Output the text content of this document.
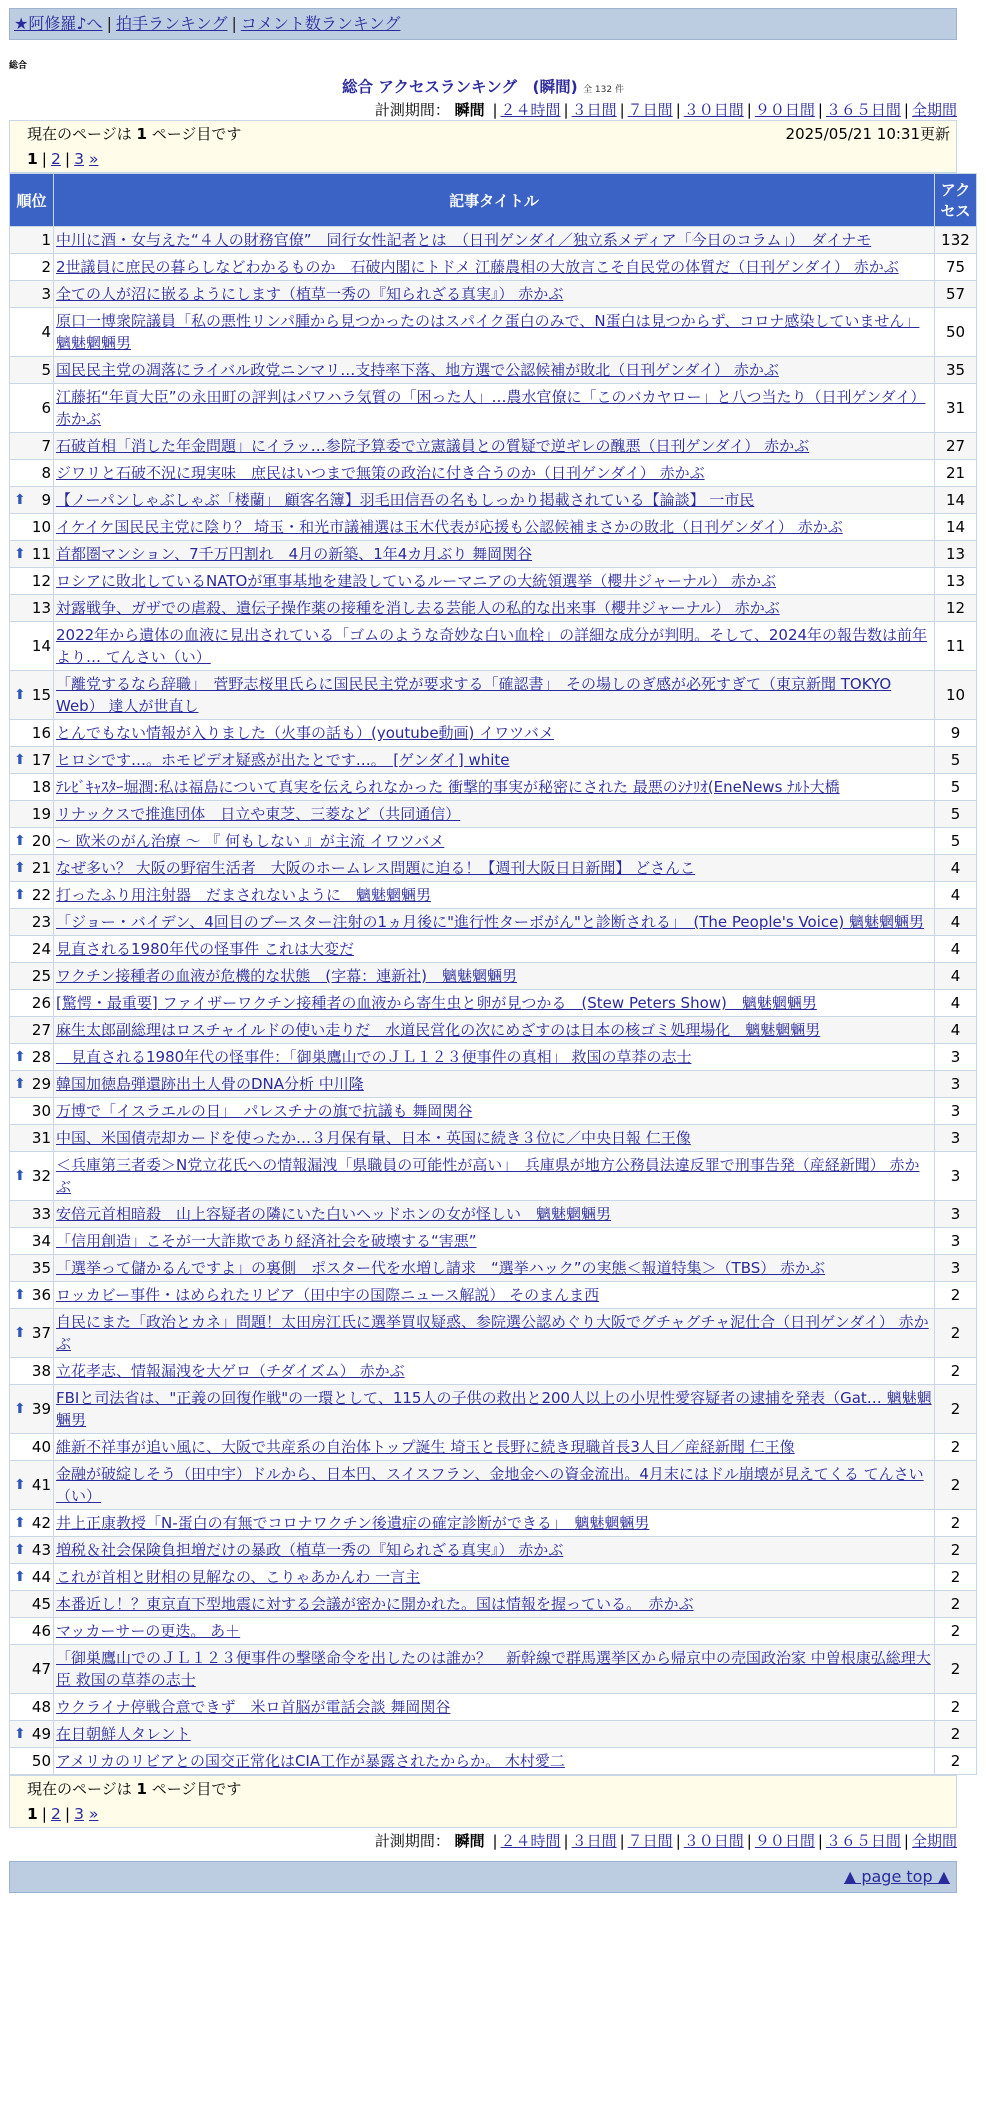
★阿修羅♪へ | 拍手ランキング | コメント数ランキング
総合
総合 アクセスランキング　(瞬間) 全 132 件
計測期間： 瞬間 | ２４時間 | ３日間 | ７日間 | ３０日間 | ９０日間 | ３６５日間 | 全期間
現在のページは 1 ページ目です	2025/05/21 10:31更新
1 | 2 | 3 »
順位	記事タイトル	アクセス
1	中川に酒・女与えた“４人の財務官僚”　同行女性記者とは　（日刊ゲンダイ／独立系メディア「今日のコラム」）　ダイナモ	132
2	2世議員に庶民の暮らしなどわかるものか　石破内閣にトドメ 江藤農相の大放言こそ自民党の体質だ（日刊ゲンダイ） 赤かぶ	75
3	全ての人が沼に嵌るようにします（植草一秀の『知られざる真実』） 赤かぶ	57
4	原口一博衆院議員「私の悪性リンパ腫から見つかったのはスパイク蛋白のみで、N蛋白は見つからず、コロナ感染していません」 魑魅魍魎男	50
5	国民民主党の凋落にライバル政党ニンマリ…支持率下落、地方選で公認候補が敗北（日刊ゲンダイ） 赤かぶ	35
6	江藤拓“年貢大臣”の永田町の評判はパワハラ気質の「困った人」…農水官僚に「このバカヤロー」と八つ当たり（日刊ゲンダイ） 赤かぶ	31
7	石破首相「消した年金問題」にイラッ…参院予算委で立憲議員との質疑で逆ギレの醜悪（日刊ゲンダイ） 赤かぶ	27
8	ジワリと石破不況に現実味　庶民はいつまで無策の政治に付き合うのか（日刊ゲンダイ） 赤かぶ	21

⬆ 9	【ノーパンしゃぶしゃぶ「楼蘭」 顧客名簿】羽毛田信吾の名もしっかり掲載されている【論談】 一市民	14
10	イケイケ国民民主党に陰り？ 埼玉・和光市議補選は玉木代表が応援も公認候補まさかの敗北（日刊ゲンダイ） 赤かぶ	14

⬆ 11	首都圏マンション、7千万円割れ　4月の新築、1年4カ月ぶり 舞岡関谷	13
12	ロシアに敗北しているNATOが軍事基地を建設しているルーマニアの大統領選挙（櫻井ジャーナル） 赤かぶ	13
13	対露戦争、ガザでの虐殺、遺伝子操作薬の接種を消し去る芸能人の私的な出来事（櫻井ジャーナル） 赤かぶ	12
14	2022年から遺体の血液に見出されている「ゴムのような奇妙な白い血栓」の詳細な成分が判明。そして、2024年の報告数は前年より… てんさい（い）	11

⬆ 15	「離党するなら辞職」　菅野志桜里氏らに国民民主党が要求する「確認書」　その場しのぎ感が必死すぎて（東京新聞 TOKYO Web） 達人が世直し	10
16	とんでもない情報が入りました（火事の話も）(youtube動画) イワツバメ	9

⬆ 17	ヒロシです…。ホモピデオ疑惑が出たとです…。　[ゲンダイ] white	5
18	ﾃﾚﾋﾞｷｬｽﾀｰ堀潤:私は福島について真実を伝えられなかった 衝撃的事実が秘密にされた 最悪のｼﾅﾘｵ(EneNews ﾅﾙﾄ大橋	5
19	リナックスで推進団体　日立や東芝、三菱など（共同通信）	5

⬆ 20	～ 欧米のがん治療 ～ 『 何もしない 』が主流 イワツバメ	5

⬆ 21	なぜ多い？ 大阪の野宿生活者　大阪のホームレス問題に迫る！【週刊大阪日日新聞】 どさんこ	4

⬆ 22	打ったふり用注射器　だまされないように　魑魅魍魎男	4
23	「ジョー・バイデン、4回目のブースター注射の1ヵ月後に"進行性ターボがん"と診断される」　(The People's Voice) 魑魅魍魎男	4
24	見直される1980年代の怪事件 これは大変だ	4
25	ワクチン接種者の血液が危機的な状態　(字幕：連新社)　魑魅魍魎男	4
26	[驚愕・最重要] ファイザーワクチン接種者の血液から寄生虫と卵が見つかる　(Stew Peters Show)　魑魅魍魎男	4
27	麻生太郎副総理はロスチャイルドの使い走りだ　水道民営化の次にめざすのは日本の核ゴミ処理場化　魑魅魍魎男	4

⬆ 28	　見直される1980年代の怪事件：「御巣鷹山でのＪＬ１２３便事件の真相」 救国の草莽の志士	3

⬆ 29	韓国加徳島弾還跡出土人骨のDNA分析 中川隆	3
30	万博で「イスラエルの日」　パレスチナの旗で抗議も 舞岡関谷	3
31	中国、米国債売却カードを使ったか…３月保有量、日本・英国に続き３位に／中央日報 仁王像	3

⬆ 32	＜兵庫第三者委＞N党立花氏への情報漏洩「県職員の可能性が高い」　兵庫県が地方公務員法違反罪で刑事告発（産経新聞） 赤かぶ	3
33	安倍元首相暗殺　山上容疑者の隣にいた白いヘッドホンの女が怪しい　魑魅魍魎男	3
34	「信用創造」こそが一大詐欺であり経済社会を破壊する“害悪”	3
35	「選挙って儲かるんですよ」の裏側　ポスター代を水増し請求　“選挙ハック”の実態＜報道特集＞（TBS） 赤かぶ	3

⬆ 36	ロッカビー事件・はめられたリビア（田中宇の国際ニュース解説） そのまんま西	2

⬆ 37	自民にまた「政治とカネ」問題！太田房江氏に選挙買収疑惑、参院選公認めぐり大阪でグチャグチャ泥仕合（日刊ゲンダイ） 赤かぶ	2
38	立花孝志、情報漏洩を大ゲロ（チダイズム） 赤かぶ	2

⬆ 39	FBIと司法省は、"正義の回復作戦"の一環として、115人の子供の救出と200人以上の小児性愛容疑者の逮捕を発表（Gat… 魑魅魍魎男	2
40	維新不祥事が追い風に、大阪で共産系の自治体トップ誕生 埼玉と長野に続き現職首長3人目／産経新聞 仁王像	2

⬆ 41	金融が破綻しそう（田中宇）ドルから、日本円、スイスフラン、金地金への資金流出。4月末にはドル崩壊が見えてくる てんさい（い）	2

⬆ 42	井上正康教授「N-蛋白の有無でコロナワクチン後遺症の確定診断ができる」　魑魅魍魎男	2

⬆ 43	増税＆社会保険負担増だけの暴政（植草一秀の『知られざる真実』） 赤かぶ	2

⬆ 44	これが首相と財相の見解なの、こりゃあかんわ 一言主	2
45	本番近し！？東京直下型地震に対する会議が密かに開かれた。国は情報を握っている。　赤かぶ	2
46	マッカーサーの更迭。 あ＋	2
47	「御巣鷹山でのＪＬ１２３便事件の撃墜命令を出したのは誰か？　新幹線で群馬選挙区から帰京中の売国政治家 中曽根康弘総理大臣 救国の草莽の志士	2
48	ウクライナ停戦合意できず　米ロ首脳が電話会談 舞岡関谷	2

⬆ 49	在日朝鮮人タレント	2
50	アメリカのリビアとの国交正常化はCIA工作が暴露されたからか。 木村愛二	2
現在のページは 1 ページ目です
1 | 2 | 3 »
計測期間： 瞬間 | ２４時間 | ３日間 | ７日間 | ３０日間 | ９０日間 | ３６５日間 | 全期間
▲ page top ▲
